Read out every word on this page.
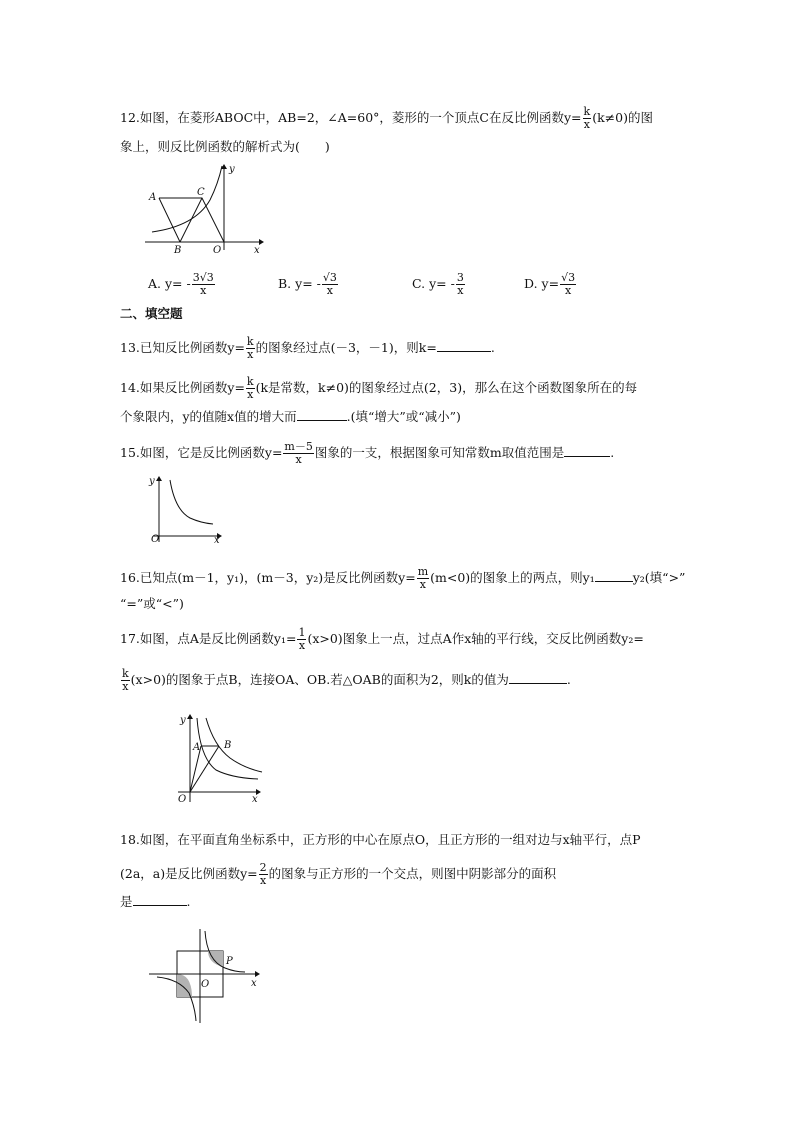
12.如图，在菱形ABOC中，AB=2，∠A=60°，菱形的一个顶点C在反比例函数$y= \frac{k}{x} (k\ne 0)$的图
象上，则反比例函数的解析式为(　　)
A	C
B	O	x
y
A. $y= - \frac{3√3}{x}$	B. $y= - \frac{√3}{x}$	C. $y= - \frac{3}{x}$	D. $y= \frac{√3}{x}$
二、填空题
13.已知反比例函数$y= \frac{k}{x}$ 的图象经过点(－3，－1)，则k=	.
14.如果反比例函数$y= \frac{k}{x} (k$是常数，k≠0)的图象经过点(2，3)，那么在这个函数图象所在的每
个象限内，y的值随x值的增大而	.(填“增大”或“减小”)
15.如图，它是反比例函数$y= \frac{m-5}{x}$ 图象的一支，根据图象可知常数m取值范围是	.
y
O	x
16.已知点(m－1，y₁)，(m－3，y₂)是反比例函数$y= \frac{m}{x} (m<0)$的图象上的两点，则y₁	y₂(填“>”
“=”或“<”)
17.如图，点A是反比例函数$y_1= \frac{1}{x} (x>0)$图象上一点，过点A作x轴的平行线，交反比例函数y₂=
$\frac{k}{x} (x>0)$的图象于点B，连接OA、OB.若△OAB的面积为2，则k的值为	.
y
A B
O	x
18.如图，在平面直角坐标系中，正方形的中心在原点O，且正方形的一组对边与x轴平行，点P
(2a，a)是反比例函数$y= \frac{2}{x}$ 的图象与正方形的一个交点，则图中阴影部分的面积
是	.
P
O	x
